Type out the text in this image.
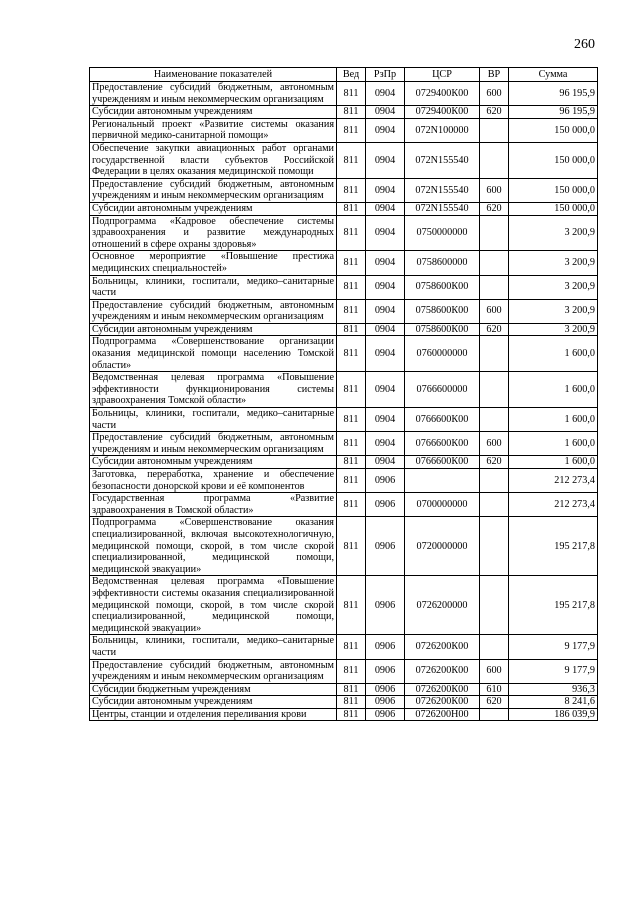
260
Наименование показателей	Вед	РзПр	ЦСР	ВР	Сумма
Предоставление субсидий бюджетным, автономным учреждениям и иным некоммерческим организациям	811	0904	0729400К00	600	96 195,9
Субсидии автономным учреждениям	811	0904	0729400К00	620	96 195,9
Региональный проект «Развитие системы оказания первичной медико-санитарной помощи»	811	0904	072N100000		150 000,0
Обеспечение закупки авиационных работ органами государственной власти субъектов Российской Федерации в целях оказания медицинской помощи	811	0904	072N155540		150 000,0
Предоставление субсидий бюджетным, автономным учреждениям и иным некоммерческим организациям	811	0904	072N155540	600	150 000,0
Субсидии автономным учреждениям	811	0904	072N155540	620	150 000,0
Подпрограмма «Кадровое обеспечение системы здравоохранения и развитие международных отношений в сфере охраны здоровья»	811	0904	0750000000		3 200,9
Основное мероприятие «Повышение престижа медицинских специальностей»	811	0904	0758600000		3 200,9
Больницы, клиники, госпитали, медико–санитарные части	811	0904	0758600К00		3 200,9
Предоставление субсидий бюджетным, автономным учреждениям и иным некоммерческим организациям	811	0904	0758600К00	600	3 200,9
Субсидии автономным учреждениям	811	0904	0758600К00	620	3 200,9
Подпрограмма «Совершенствование организации оказания медицинской помощи населению Томской области»	811	0904	0760000000		1 600,0
Ведомственная целевая программа «Повышение эффективности функционирования системы здравоохранения Томской области»	811	0904	0766600000		1 600,0
Больницы, клиники, госпитали, медико–санитарные части	811	0904	0766600К00		1 600,0
Предоставление субсидий бюджетным, автономным учреждениям и иным некоммерческим организациям	811	0904	0766600К00	600	1 600,0
Субсидии автономным учреждениям	811	0904	0766600К00	620	1 600,0
Заготовка, переработка, хранение и обеспечение безопасности донорской крови и её компонентов	811	0906			212 273,4
Государственная программа «Развитие здравоохранения в Томской области»	811	0906	0700000000		212 273,4
Подпрограмма «Совершенствование оказания специализированной, включая высокотехнологичную, медицинской помощи, скорой, в том числе скорой специализированной, медицинской помощи, медицинской эвакуации»	811	0906	0720000000		195 217,8
Ведомственная целевая программа «Повышение эффективности системы оказания специализированной медицинской помощи, скорой, в том числе скорой специализированной, медицинской помощи, медицинской эвакуации»	811	0906	0726200000		195 217,8
Больницы, клиники, госпитали, медико–санитарные части	811	0906	0726200К00		9 177,9
Предоставление субсидий бюджетным, автономным учреждениям и иным некоммерческим организациям	811	0906	0726200К00	600	9 177,9
Субсидии бюджетным учреждениям	811	0906	0726200К00	610	936,3
Субсидии автономным учреждениям	811	0906	0726200К00	620	8 241,6
Центры, станции и отделения переливания крови	811	0906	0726200Н00		186 039,9
